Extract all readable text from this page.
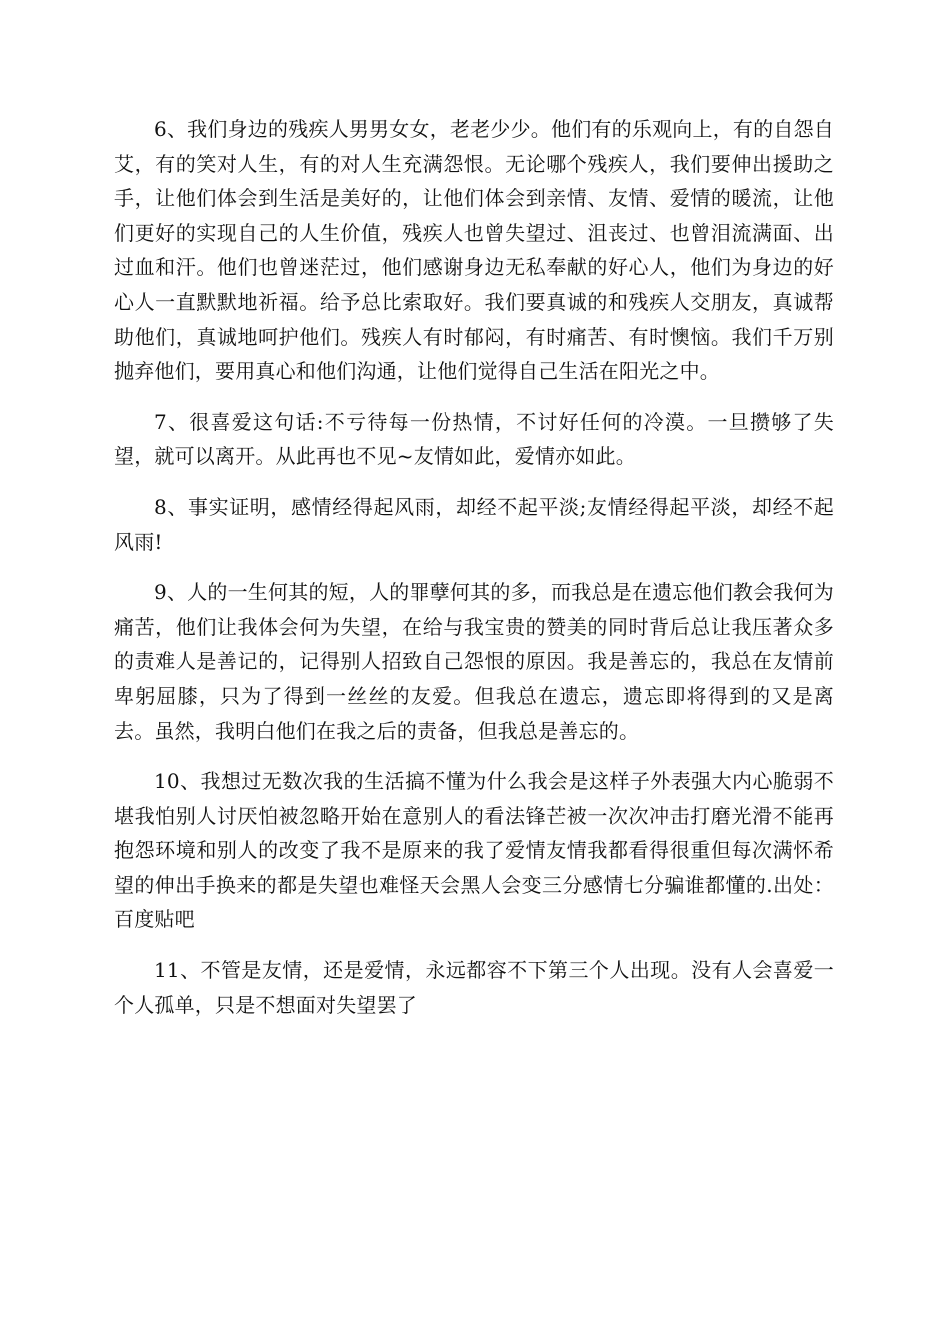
6、我们身边的残疾人男男女女，老老少少。他们有的乐观向上，有的自怨自艾，有的笑对人生，有的对人生充满怨恨。无论哪个残疾人，我们要伸出援助之手，让他们体会到生活是美好的，让他们体会到亲情、友情、爱情的暖流，让他们更好的实现自己的人生价值，残疾人也曾失望过、沮丧过、也曾泪流满面、出过血和汗。他们也曾迷茫过，他们感谢身边无私奉献的好心人，他们为身边的好心人一直默默地祈福。给予总比索取好。我们要真诚的和残疾人交朋友，真诚帮助他们，真诚地呵护他们。残疾人有时郁闷，有时痛苦、有时懊恼。我们千万别抛弃他们，要用真心和他们沟通，让他们觉得自己生活在阳光之中。

7、很喜爱这句话:不亏待每一份热情，不讨好任何的冷漠。一旦攒够了失望，就可以离开。从此再也不见~友情如此，爱情亦如此。

8、事实证明，感情经得起风雨，却经不起平淡;友情经得起平淡，却经不起风雨!

9、人的一生何其的短，人的罪孽何其的多，而我总是在遗忘他们教会我何为痛苦，他们让我体会何为失望，在给与我宝贵的赞美的同时背后总让我压著众多的责难人是善记的，记得别人招致自己怨恨的原因。我是善忘的，我总在友情前卑躬屈膝，只为了得到一丝丝的友爱。但我总在遗忘，遗忘即将得到的又是离去。虽然，我明白他们在我之后的责备，但我总是善忘的。

10、我想过无数次我的生活搞不懂为什么我会是这样子外表强大内心脆弱不堪我怕别人讨厌怕被忽略开始在意别人的看法锋芒被一次次冲击打磨光滑不能再抱怨环境和别人的改变了我不是原来的我了爱情友情我都看得很重但每次满怀希望的伸出手换来的都是失望也难怪天会黑人会变三分感情七分骗谁都懂的.出处：百度贴吧

11、不管是友情，还是爱情，永远都容不下第三个人出现。没有人会喜爱一个人孤单，只是不想面对失望罢了
